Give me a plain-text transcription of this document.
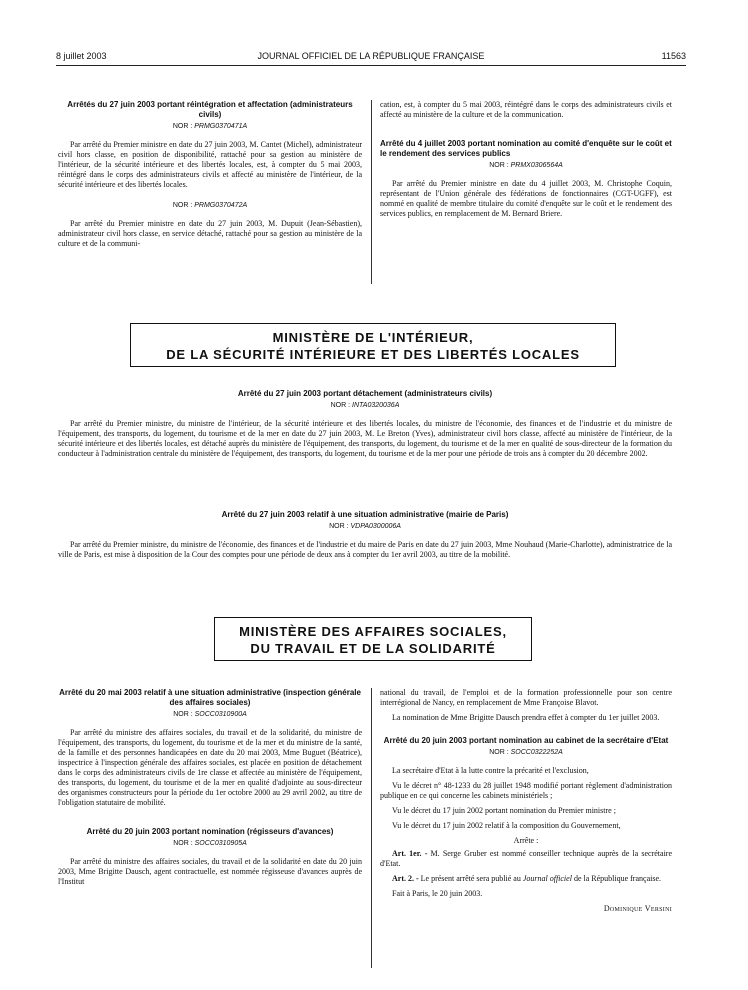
8 juillet 2003	JOURNAL OFFICIEL DE LA RÉPUBLIQUE FRANÇAISE	11563

Arrêtés du 27 juin 2003 portant réintégration et affectation (administrateurs civils)

NOR : PRMG0370471A

Par arrêté du Premier ministre en date du 27 juin 2003, M. Cantet (Michel), administrateur civil hors classe, en position de disponibilité, rattaché pour sa gestion au ministère de l'intérieur, de la sécurité intérieure et des libertés locales, est, à compter du 5 mai 2003, réintégré dans le corps des administrateurs civils et affecté au ministère de l'intérieur, de la sécurité intérieure et des libertés locales.

NOR : PRMG0370472A

Par arrêté du Premier ministre en date du 27 juin 2003, M. Dupuit (Jean-Sébastien), administrateur civil hors classe, en service détaché, rattaché pour sa gestion au ministère de la culture et de la communi-

cation, est, à compter du 5 mai 2003, réintégré dans le corps des administrateurs civils et affecté au ministère de la culture et de la communication.

Arrêté du 4 juillet 2003 portant nomination au comité d'enquête sur le coût et le rendement des services publics

NOR : PRMX0306564A

Par arrêté du Premier ministre en date du 4 juillet 2003, M. Christophe Coquin, représentant de l'Union générale des fédérations de fonctionnaires (CGT-UGFF), est nommé en qualité de membre titulaire du comité d'enquête sur le coût et le rendement des services publics, en remplacement de M. Bernard Briere.

MINISTÈRE DE L'INTÉRIEUR,
DE LA SÉCURITÉ INTÉRIEURE ET DES LIBERTÉS LOCALES

Arrêté du 27 juin 2003 portant détachement (administrateurs civils)

NOR : INTA0320036A

Par arrêté du Premier ministre, du ministre de l'intérieur, de la sécurité intérieure et des libertés locales, du ministre de l'économie, des finances et de l'industrie et du ministre de l'équipement, des transports, du logement, du tourisme et de la mer en date du 27 juin 2003, M. Le Breton (Yves), administrateur civil hors classe, affecté au ministère de l'intérieur, de la sécurité intérieure et des libertés locales, est détaché auprès du ministère de l'équipement, des transports, du logement, du tourisme et de la mer en qualité de sous-directeur de la formation du conducteur à l'administration centrale du ministère de l'équipement, des transports, du logement, du tourisme et de la mer pour une période de trois ans à compter du 20 décembre 2002.

Arrêté du 27 juin 2003 relatif à une situation administrative (mairie de Paris)

NOR : VDPA0300006A

Par arrêté du Premier ministre, du ministre de l'économie, des finances et de l'industrie et du maire de Paris en date du 27 juin 2003, Mme Nouhaud (Marie-Charlotte), administratrice de la ville de Paris, est mise à disposition de la Cour des comptes pour une période de deux ans à compter du 1er avril 2003, au titre de la mobilité.

MINISTÈRE DES AFFAIRES SOCIALES,
DU TRAVAIL ET DE LA SOLIDARITÉ

Arrêté du 20 mai 2003 relatif à une situation administrative (inspection générale des affaires sociales)

NOR : SOCC0310900A

Par arrêté du ministre des affaires sociales, du travail et de la solidarité, du ministre de l'équipement, des transports, du logement, du tourisme et de la mer et du ministre de la santé, de la famille et des personnes handicapées en date du 20 mai 2003, Mme Buguet (Béatrice), inspectrice à l'inspection générale des affaires sociales, est placée en position de détachement dans le corps des administrateurs civils de 1re classe et affectée au ministère de l'équipement, des transports, du logement, du tourisme et de la mer en qualité d'adjointe au sous-directeur des organismes constructeurs pour la période du 1er octobre 2000 au 29 avril 2002, au titre de l'obligation statutaire de mobilité.

Arrêté du 20 juin 2003 portant nomination (régisseurs d'avances)

NOR : SOCC0310905A

Par arrêté du ministre des affaires sociales, du travail et de la solidarité en date du 20 juin 2003, Mme Brigitte Dausch, agent contractuelle, est nommée régisseuse d'avances auprès de l'Institut

national du travail, de l'emploi et de la formation professionnelle pour son centre interrégional de Nancy, en remplacement de Mme Françoise Blavot.

La nomination de Mme Brigitte Dausch prendra effet à compter du 1er juillet 2003.

Arrêté du 20 juin 2003 portant nomination au cabinet de la secrétaire d'Etat

NOR : SOCC0322252A

La secrétaire d'Etat à la lutte contre la précarité et l'exclusion,

Vu le décret n° 48-1233 du 28 juillet 1948 modifié portant règlement d'administration publique en ce qui concerne les cabinets ministériels ;

Vu le décret du 17 juin 2002 portant nomination du Premier ministre ;

Vu le décret du 17 juin 2002 relatif à la composition du Gouvernement,

Arrête :

Art. 1er. - M. Serge Gruber est nommé conseiller technique auprès de la secrétaire d'Etat.

Art. 2. - Le présent arrêté sera publié au Journal officiel de la République française.

Fait à Paris, le 20 juin 2003.

Dominique Versini
